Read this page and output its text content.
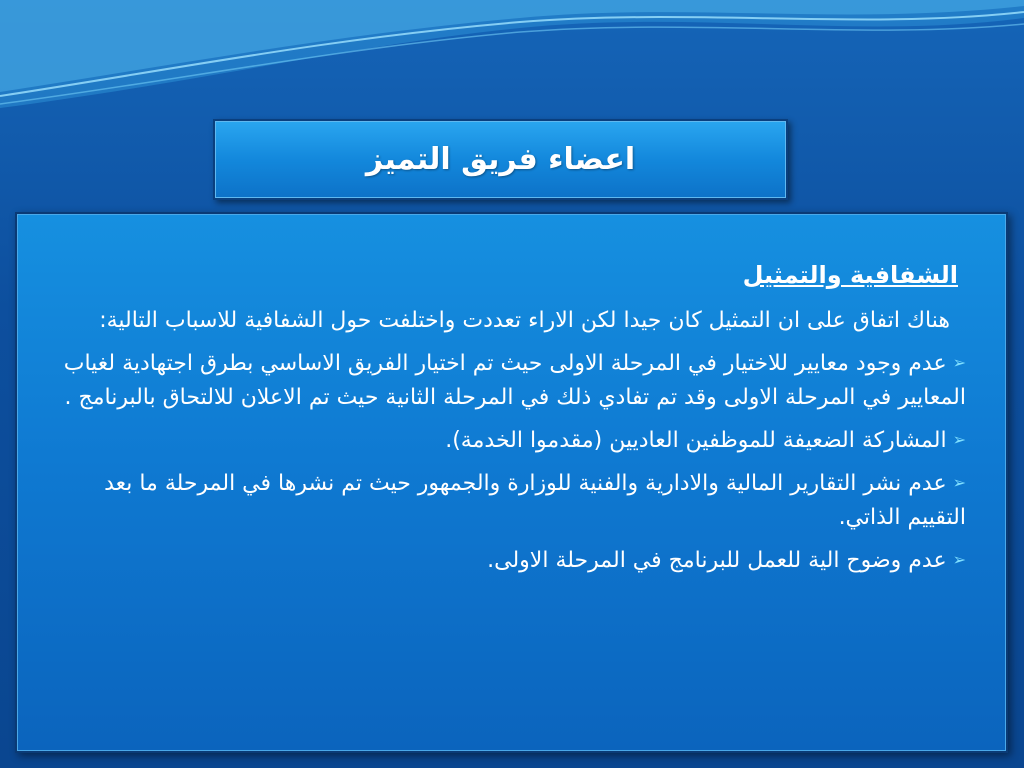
اعضاء فريق التميز
الشفافية والتمثيل
هناك اتفاق على ان التمثيل كان جيدا لكن الاراء تعددت واختلفت حول الشفافية للاسباب التالية:
➢عدم وجود معايير للاختيار في المرحلة الاولى حيث تم اختيار الفريق الاساسي بطرق اجتهادية لغياب المعايير في المرحلة الاولى وقد تم تفادي ذلك في المرحلة الثانية حيث تم الاعلان للالتحاق بالبرنامج .
➢المشاركة الضعيفة للموظفين العاديين (مقدموا الخدمة).
➢عدم نشر التقارير المالية والادارية والفنية للوزارة والجمهور حيث تم نشرها في المرحلة ما بعد التقييم الذاتي.
➢عدم وضوح الية للعمل للبرنامج في المرحلة الاولى.
